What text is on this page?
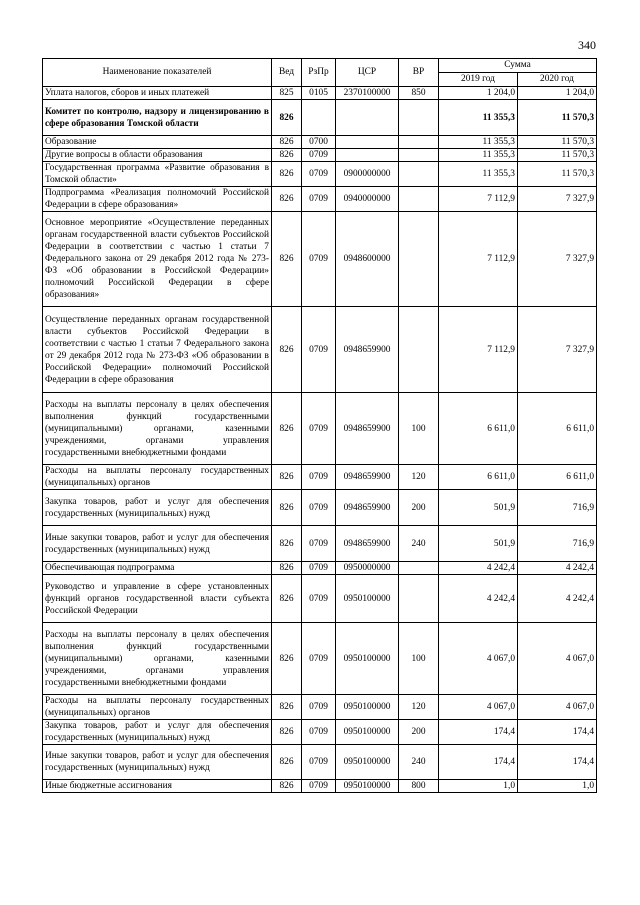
340
Наименование показателей	Вед	РзПр	ЦСР	ВР	Сумма	
					2019 год	2020 год
Уплата налогов, сборов и иных платежей	825	0105	2370100000	850	1 204,0	1 204,0
Комитет по контролю, надзору и лицензированию в сфере образования Томской области	826				11 355,3	11 570,3
Образование	826	0700			11 355,3	11 570,3
Другие вопросы в области образования	826	0709			11 355,3	11 570,3
Государственная программа «Развитие образования в Томской области»	826	0709	0900000000		11 355,3	11 570,3
Подпрограмма «Реализация полномочий Российской Федерации в сфере образования»	826	0709	0940000000		7 112,9	7 327,9
Основное мероприятие «Осуществление переданных органам государственной власти субъектов Российской Федерации в соответствии с частью 1 статьи 7 Федерального закона от 29 декабря 2012 года № 273-ФЗ «Об образовании в Российской Федерации» полномочий Российской Федерации в сфере образования»	826	0709	0948600000		7 112,9	7 327,9
Осуществление переданных органам государственной власти субъектов Российской Федерации в соответствии с частью 1 статьи 7 Федерального закона от 29 декабря 2012 года № 273-ФЗ «Об образовании в Российской Федерации» полномочий Российской Федерации в сфере образования	826	0709	0948659900		7 112,9	7 327,9
Расходы на выплаты персоналу в целях обеспечения выполнения функций государственными (муниципальными) органами, казенными учреждениями, органами управления государственными внебюджетными фондами	826	0709	0948659900	100	6 611,0	6 611,0
Расходы на выплаты персоналу государственных (муниципальных) органов	826	0709	0948659900	120	6 611,0	6 611,0
Закупка товаров, работ и услуг для обеспечения государственных (муниципальных) нужд	826	0709	0948659900	200	501,9	716,9
Иные закупки товаров, работ и услуг для обеспечения государственных (муниципальных) нужд	826	0709	0948659900	240	501,9	716,9
Обеспечивающая подпрограмма	826	0709	0950000000		4 242,4	4 242,4
Руководство и управление в сфере установленных функций органов государственной власти субъекта Российской Федерации	826	0709	0950100000		4 242,4	4 242,4
Расходы на выплаты персоналу в целях обеспечения выполнения функций государственными (муниципальными) органами, казенными учреждениями, органами управления государственными внебюджетными фондами	826	0709	0950100000	100	4 067,0	4 067,0
Расходы на выплаты персоналу государственных (муниципальных) органов	826	0709	0950100000	120	4 067,0	4 067,0
Закупка товаров, работ и услуг для обеспечения государственных (муниципальных) нужд	826	0709	0950100000	200	174,4	174,4
Иные закупки товаров, работ и услуг для обеспечения государственных (муниципальных) нужд	826	0709	0950100000	240	174,4	174,4
Иные бюджетные ассигнования	826	0709	0950100000	800	1,0	1,0
